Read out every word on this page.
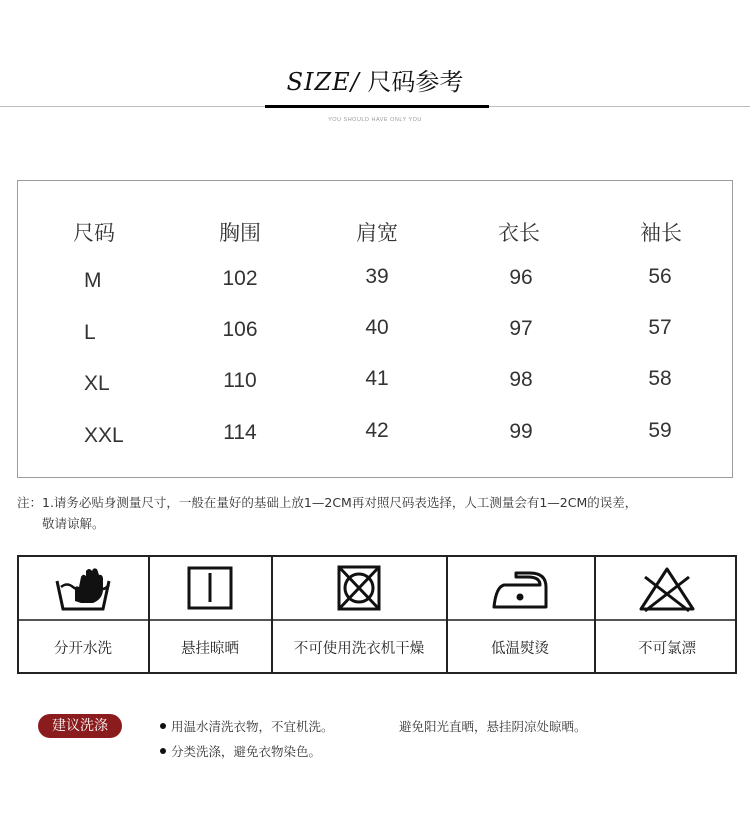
SIZE/ 尺码参考
YOU SHOULD HAVE ONLY YOU
尺码	胸围	肩宽	衣长	袖长
M	102	39	96	56
L	106	40	97	57
XL	110	41	98	58
XXL	114	42	99	59
注：1.请务必贴身测量尺寸，一般在量好的基础上放1—2CM再对照尺码表选择，人工测量会有1—2CM的误差，
敬请谅解。
分开水洗	悬挂晾晒	不可使用洗衣机干燥	低温熨烫	不可氯漂
建议洗涤	用温水清洗衣物，不宜机洗。	避免阳光直晒，悬挂阴凉处晾晒。
分类洗涤，避免衣物染色。
